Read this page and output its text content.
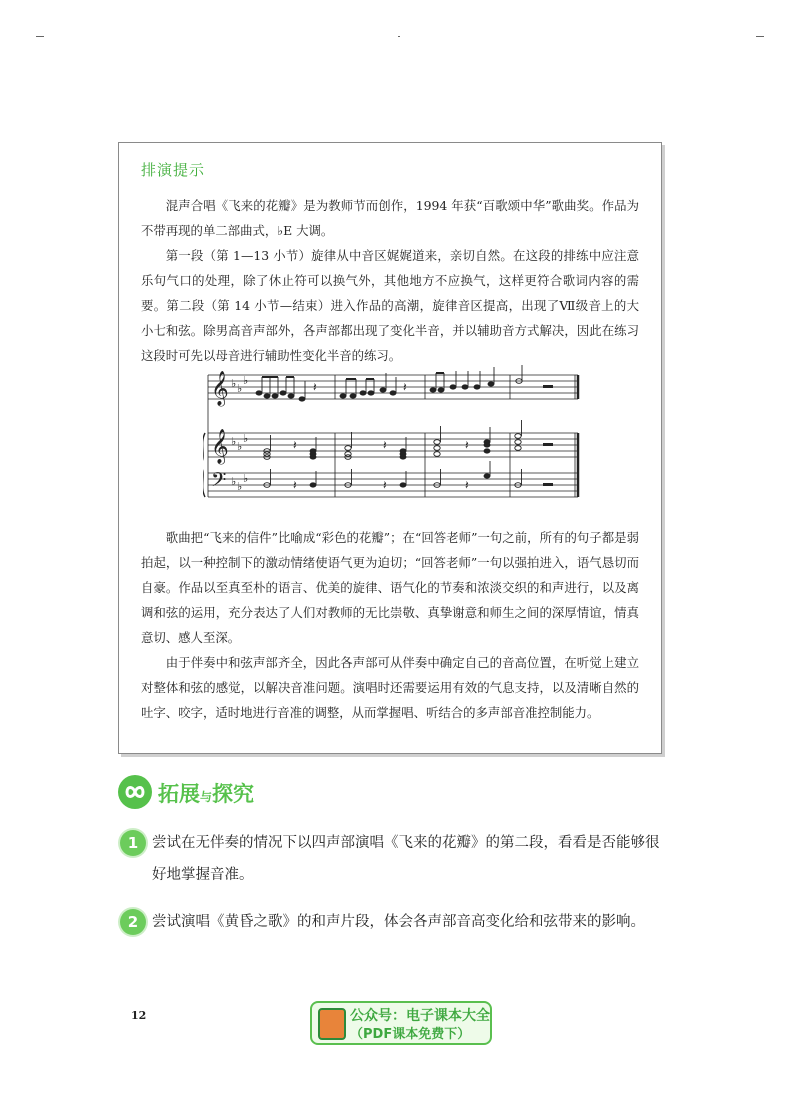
排演提示

混声合唱《飞来的花瓣》是为教师节而创作，1994 年获“百歌颂中华”歌曲奖。作品为不带再现的单二部曲式，♭E 大调。

第一段（第 1—13 小节）旋律从中音区娓娓道来，亲切自然。在这段的排练中应注意乐句气口的处理，除了休止符可以换气外，其他地方不应换气，这样更符合歌词内容的需要。第二段（第 14 小节—结束）进入作品的高潮，旋律音区提高，出现了Ⅶ级音上的大小七和弦。除男高音声部外，各声部都出现了变化半音，并以辅助音方式解决，因此在练习这段时可先以母音进行辅助性变化半音的练习。

𝄞
𝄞
𝄢
♭ ♭
♭
♭ ♭
♭
♭ ♭
♭
𝄽	𝄽
𝄽	𝄽	𝄽
𝄽	𝄽	𝄽

歌曲把“飞来的信件”比喻成“彩色的花瓣”；在“回答老师”一句之前，所有的句子都是弱拍起，以一种控制下的激动情绪使语气更为迫切；“回答老师”一句以强拍进入，语气恳切而自豪。作品以至真至朴的语言、优美的旋律、语气化的节奏和浓淡交织的和声进行，以及离调和弦的运用，充分表达了人们对教师的无比崇敬、真挚谢意和师生之间的深厚情谊，情真意切、感人至深。

由于伴奏中和弦声部齐全，因此各声部可从伴奏中确定自己的音高位置，在听觉上建立对整体和弦的感觉，以解决音准问题。演唱时还需要运用有效的气息支持，以及清晰自然的吐字、咬字，适时地进行音准的调整，从而掌握唱、听结合的多声部音准控制能力。

拓展与探究
1 尝试在无伴奏的情况下以四声部演唱《飞来的花瓣》的第二段，看看是否能够很好地掌握音准。
2 尝试演唱《黄昏之歌》的和声片段，体会各声部音高变化给和弦带来的影响。
12	公众号：电子课本大全
（PDF课本免费下）
